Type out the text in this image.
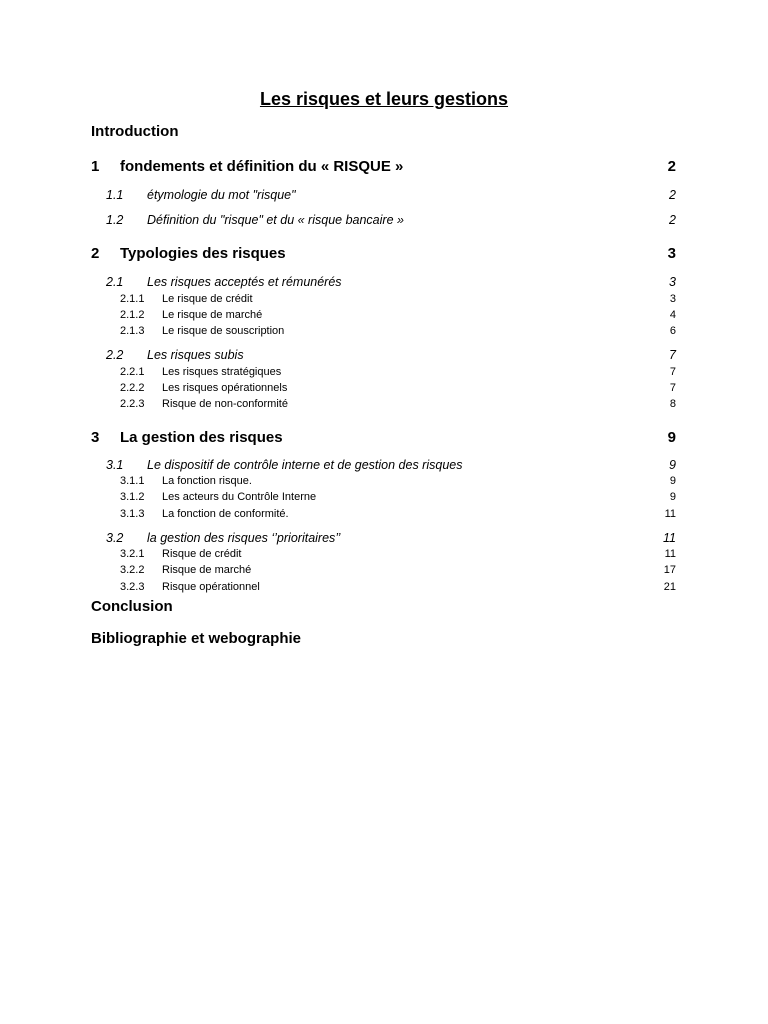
Les risques et leurs gestions
Introduction
1 fondements et définition du « RISQUE »	2
1.1 étymologie du mot "risque"	2
1.2 Définition du "risque" et du « risque bancaire »	2
2 Typologies des risques	3
2.1 Les risques acceptés et rémunérés	3
2.1.1 Le risque de crédit	3
2.1.2 Le risque de marché	4
2.1.3 Le risque de souscription	6
2.2 Les risques subis	7
2.2.1 Les risques stratégiques	7
2.2.2 Les risques opérationnels	7
2.2.3 Risque de non-conformité	8
3 La gestion des risques	9
3.1 Le dispositif de contrôle interne et de gestion des risques	9
3.1.1 La fonction risque.	9
3.1.2 Les acteurs du Contrôle Interne	9
3.1.3 La fonction de conformité.	11
3.2 la gestion des risques ‘’prioritaires’’	11
3.2.1 Risque de crédit	11
3.2.2 Risque de marché	17
3.2.3 Risque opérationnel	21
Conclusion
Bibliographie et webographie
